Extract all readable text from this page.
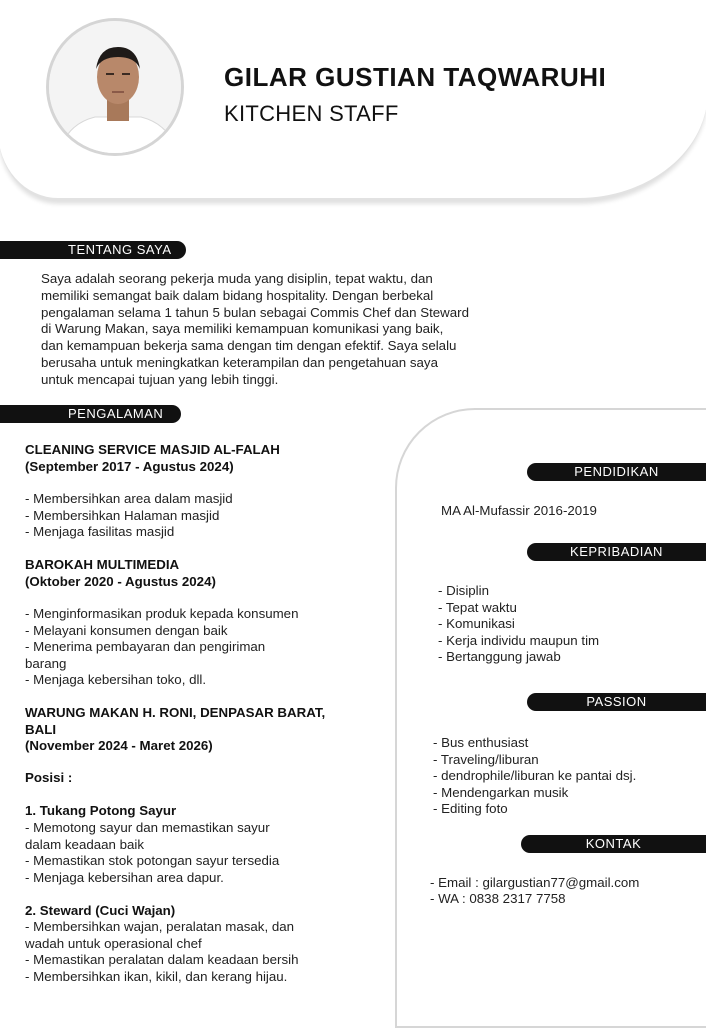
GILAR GUSTIAN TAQWARUHI
KITCHEN STAFF
TENTANG SAYA
Saya adalah seorang pekerja muda yang disiplin, tepat waktu, dan
memiliki semangat baik dalam bidang hospitality. Dengan berbekal
pengalaman selama 1 tahun 5 bulan sebagai Commis Chef dan Steward
di Warung Makan, saya memiliki kemampuan komunikasi yang baik,
dan kemampuan bekerja sama dengan tim dengan efektif. Saya selalu
berusaha untuk meningkatkan keterampilan dan pengetahuan saya
untuk mencapai tujuan yang lebih tinggi.
PENGALAMAN
CLEANING SERVICE MASJID AL-FALAH
(September 2017 - Agustus 2024)
- Membersihkan area dalam masjid
- Membersihkan Halaman masjid
- Menjaga fasilitas masjid
BAROKAH MULTIMEDIA
(Oktober 2020 - Agustus 2024)
- Menginformasikan produk kepada konsumen
- Melayani konsumen dengan baik
- Menerima pembayaran dan pengiriman
barang
- Menjaga kebersihan toko, dll.
WARUNG MAKAN H. RONI, DENPASAR BARAT,
BALI
(November 2024 - Maret 2026)
Posisi :
1. Tukang Potong Sayur
- Memotong sayur dan memastikan sayur
dalam keadaan baik
- Memastikan stok potongan sayur tersedia
- Menjaga kebersihan area dapur.
2. Steward (Cuci Wajan)
- Membersihkan wajan, peralatan masak, dan
wadah untuk operasional chef
- Memastikan peralatan dalam keadaan bersih
- Membersihkan ikan, kikil, dan kerang hijau.
PENDIDIKAN
MA Al-Mufassir 2016-2019
KEPRIBADIAN
- Disiplin
- Tepat waktu
- Komunikasi
- Kerja individu maupun tim
- Bertanggung jawab
PASSION
- Bus enthusiast
- Traveling/liburan
- dendrophile/liburan ke pantai dsj.
- Mendengarkan musik
- Editing foto
KONTAK
- Email : gilargustian77@gmail.com
- WA : 0838 2317 7758
